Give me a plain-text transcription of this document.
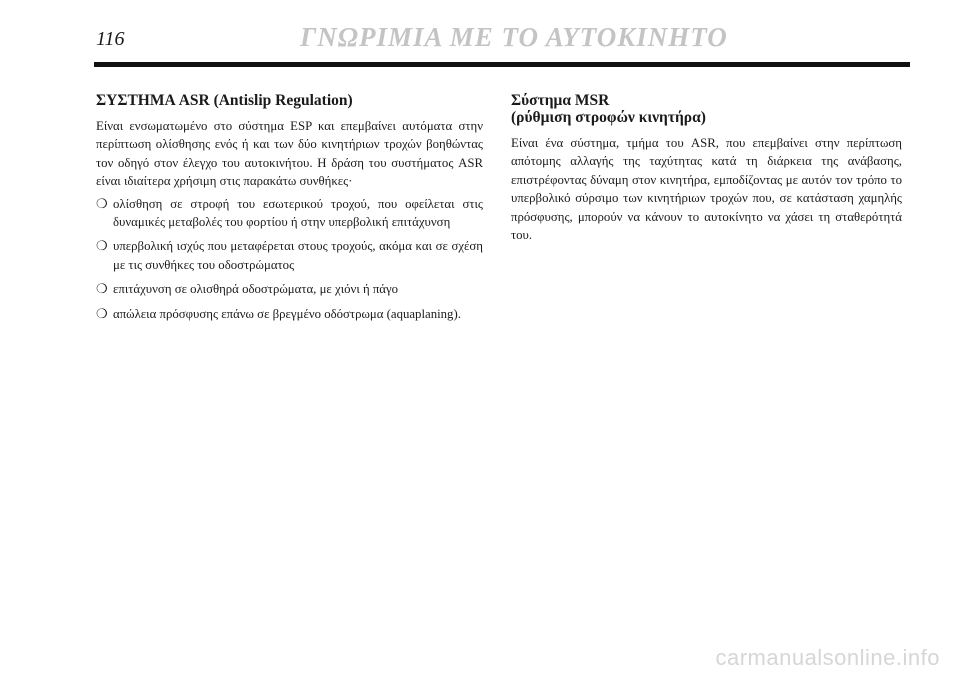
116	ΓΝΩΡΙΜΙΑ ΜΕ ΤΟ ΑΥΤΟΚΙΝΗΤΟ
ΣΥΣΤΗΜΑ ASR (Antislip Regulation)

Είναι ενσωματωμένο στο σύστημα ESP και επεμβαίνει αυτόματα στην περίπτωση ολίσθησης ενός ή και των δύο κινητήριων τροχών βοηθώντας τον οδηγό στον έλεγχο του αυτοκινήτου. Η δράση του συστήματος ASR είναι ιδιαίτερα χρήσιμη στις παρακάτω συνθήκες·

❍ ολίσθηση σε στροφή του εσωτερικού τροχού, που οφείλεται στις δυναμικές μεταβολές του φορτίου ή στην υπερβολική επιτάχυνση
❍ υπερβολική ισχύς που μεταφέρεται στους τροχούς, ακόμα και σε σχέση με τις συνθήκες του οδοστρώματος
❍ επιτάχυνση σε ολισθηρά οδοστρώματα, με χιόνι ή πάγο
❍ απώλεια πρόσφυσης επάνω σε βρεγμένο οδόστρωμα (aquaplaning).
Σύστημα MSR
(ρύθμιση στροφών κινητήρα)

Είναι ένα σύστημα, τμήμα του ASR, που επεμβαίνει στην περίπτωση απότομης αλλαγής της ταχύτητας κατά τη διάρκεια της ανάβασης, επιστρέφοντας δύναμη στον κινητήρα, εμποδίζοντας με αυτόν τον τρόπο το υπερβολικό σύρσιμο των κινητήριων τροχών που, σε κατάσταση χαμηλής πρόσφυσης, μπορούν να κάνουν το αυτοκίνητο να χάσει τη σταθερότητά του.

carmanualsonline.info
